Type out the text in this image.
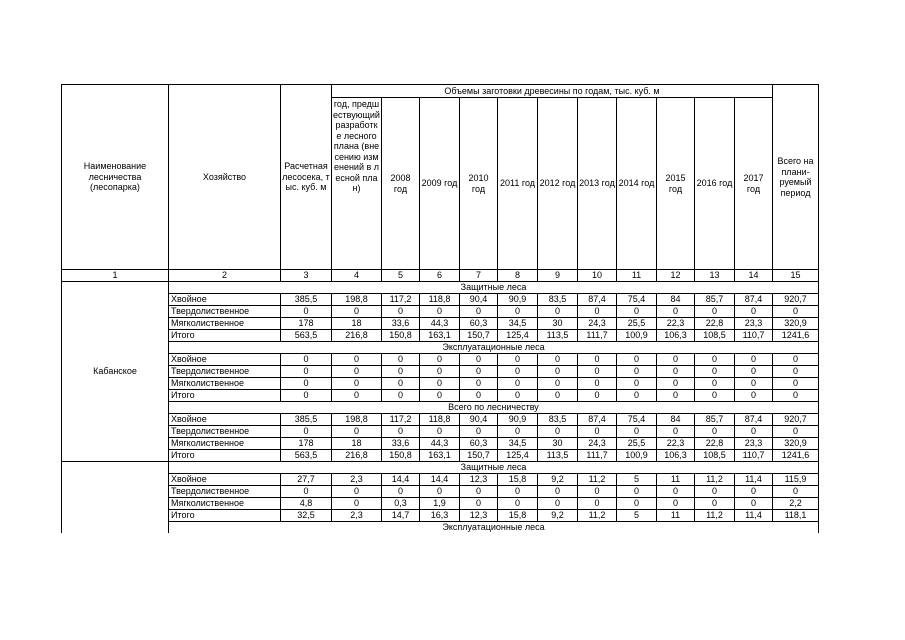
Наименование лесничества (лесопарка)	Хозяйство	Расчетная лесосека, тыс. куб. м	Объемы заготовки древесины по годам, тыс. куб. м											Всего на плани-руемый период
			год, предшествующий разработке лесного плана (внесению изменений в лесной план)	2008 год	2009 год	2010 год	2011 год	2012 год	2013 год	2014 год	2015 год	2016 год	2017 год	
1	2	3	4	5	6	7	8	9	10	11	12	13	14	15
Кабанское	Защитные леса													
	Хвойное	385,5	198,8	117,2	118,8	90,4	90,9	83,5	87,4	75,4	84	85,7	87,4	920,7
	Твердолиственное	0	0	0	0	0	0	0	0	0	0	0	0	0
	Мягколиственное	178	18	33,6	44,3	60,3	34,5	30	24,3	25,5	22,3	22,8	23,3	320,9
	Итого	563,5	216,8	150,8	163,1	150,7	125,4	113,5	111,7	100,9	106,3	108,5	110,7	1241,6
	Эксплуатационные леса													
	Хвойное	0	0	0	0	0	0	0	0	0	0	0	0	0
	Твердолиственное	0	0	0	0	0	0	0	0	0	0	0	0	0
	Мягколиственное	0	0	0	0	0	0	0	0	0	0	0	0	0
	Итого	0	0	0	0	0	0	0	0	0	0	0	0	0
	Всего по лесничеству													
	Хвойное	385,5	198,8	117,2	118,8	90,4	90,9	83,5	87,4	75,4	84	85,7	87,4	920,7
	Твердолиственное	0	0	0	0	0	0	0	0	0	0	0	0	0
	Мягколиственное	178	18	33,6	44,3	60,3	34,5	30	24,3	25,5	22,3	22,8	23,3	320,9
	Итого	563,5	216,8	150,8	163,1	150,7	125,4	113,5	111,7	100,9	106,3	108,5	110,7	1241,6
	Защитные леса													
	Хвойное	27,7	2,3	14,4	14,4	12,3	15,8	9,2	11,2	5	11	11,2	11,4	115,9
	Твердолиственное	0	0	0	0	0	0	0	0	0	0	0	0	0
	Мягколиственное	4,8	0	0,3	1,9	0	0	0	0	0	0	0	0	2,2
	Итого	32,5	2,3	14,7	16,3	12,3	15,8	9,2	11,2	5	11	11,2	11,4	118,1
	Эксплуатационные леса													
